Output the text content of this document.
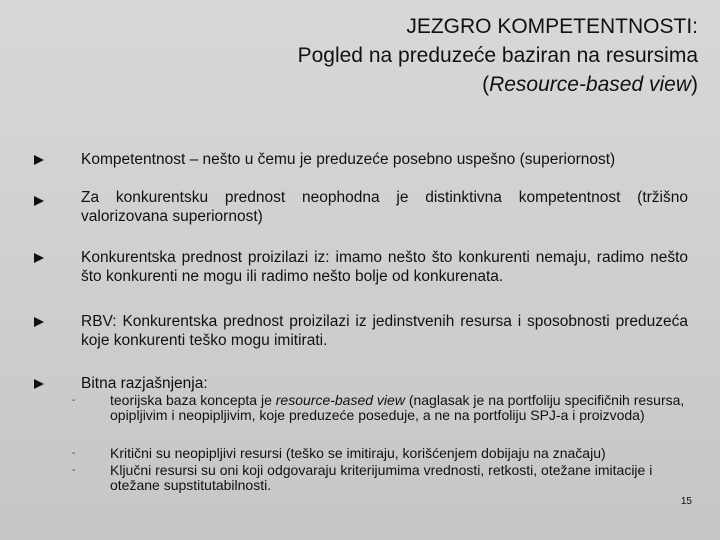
JEZGRO KOMPETENTNOSTI:
Pogled na preduzeće baziran na resursima
(Resource-based view)
Kompetentnost – nešto u čemu je preduzeće posebno uspešno (superiornost)
Za konkurentsku prednost neophodna je distinktivna kompetentnost (tržišno valorizovana superiornost)
Konkurentska prednost proizilazi iz: imamo nešto što konkurenti nemaju, radimo nešto što konkurenti ne mogu ili radimo nešto bolje od konkurenata.
RBV: Konkurentska prednost proizilazi iz jedinstvenih resursa i sposobnosti preduzeća koje konkurenti teško mogu imitirati.
Bitna razjašnjenja:
- teorijska baza koncepta je resource-based view (naglasak je na portfoliju specifičnih resursa, opipljivim i neopipljivim, koje preduzeće poseduje, a ne na portfoliju SPJ-a i proizvoda)
- Kritični su neopipljivi resursi (teško se imitiraju, korišćenjem dobijaju na značaju)
- Ključni resursi su oni koji odgovaraju kriterijumima vrednosti, retkosti, otežane imitacije i otežane supstitutabilnosti.
15
